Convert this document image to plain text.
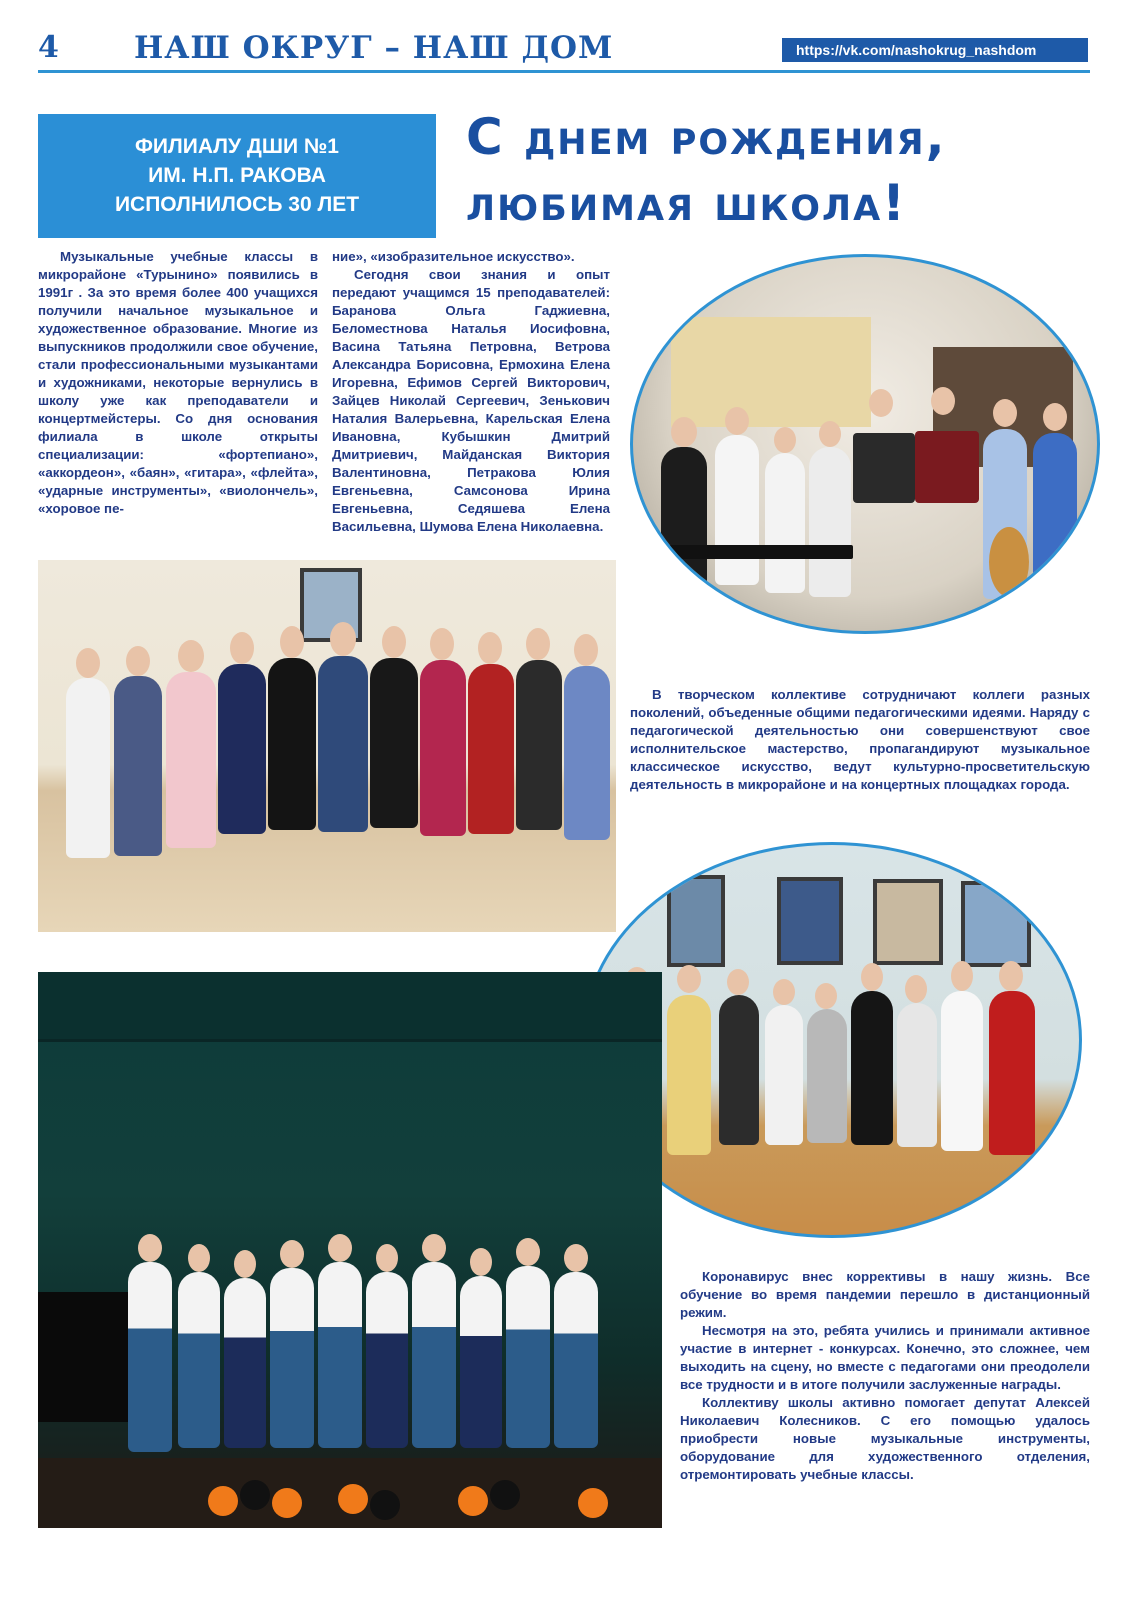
4 НАШ ОКРУГ – НАШ ДОМ	https://vk.com/nashokrug_nashdom
ФИЛИАЛУ ДШИ №1
ИМ. Н.П. РАКОВА
ИСПОЛНИЛОСЬ 30 ЛЕТ
С днем рождения,
любимая школа!

Музыкальные учебные классы в микрорайоне «Турынино» появились в 1991г . За это время более 400 учащихся получили начальное музыкальное и художественное образование. Многие из выпускников продолжили свое обучение, стали профессиональными музыкантами и художниками, некоторые вернулись в школу уже как преподаватели и концертмейстеры. Со дня основания филиала в школе открыты специализации: «фортепиано», «аккордеон», «баян», «гитара», «флейта», «ударные инструменты», «виолончель», «хоровое пе-

ние», «изобразительное искусство».

Сегодня свои знания и опыт передают учащимся 15 преподавателей: Баранова Ольга Гаджиевна, Беломестнова Наталья Иосифовна, Васина Татьяна Петровна, Ветрова Александра Борисовна, Ермохина Елена Игоревна, Ефимов Сергей Викторович, Зайцев Николай Сергеевич, Зенькович Наталия Валерьевна, Карельская Елена Ивановна, Кубышкин Дмитрий Дмитриевич, Майданская Виктория Валентиновна, Петракова Юлия Евгеньевна, Самсонова Ирина Евгеньевна, Седяшева Елена Васильевна, Шумова Елена Николаевна.

В творческом коллективе сотрудничают коллеги разных поколений, объеденные общими педагогическими идеями. Наряду с педагогической деятельностью они совершенствуют свое исполнительское мастерство, пропагандируют музыкальное классическое искусство, ведут культурно-просветительскую деятельность в микрорайоне и на концертных площадках города.

Коронавирус внес коррективы в нашу жизнь. Все обучение во время пандемии перешло в дистанционный режим.

Несмотря на это, ребята учились и принимали активное участие в интернет - конкурсах. Конечно, это сложнее, чем выходить на сцену, но вместе с педагогами они преодолели все трудности и в итоге получили заслуженные награды.

Коллективу школы активно помогает депутат Алексей Николаевич Колесников. С его помощью удалось приобрести новые музыкальные инструменты, оборудование для художественного отделения, отремонтировать учебные классы.
